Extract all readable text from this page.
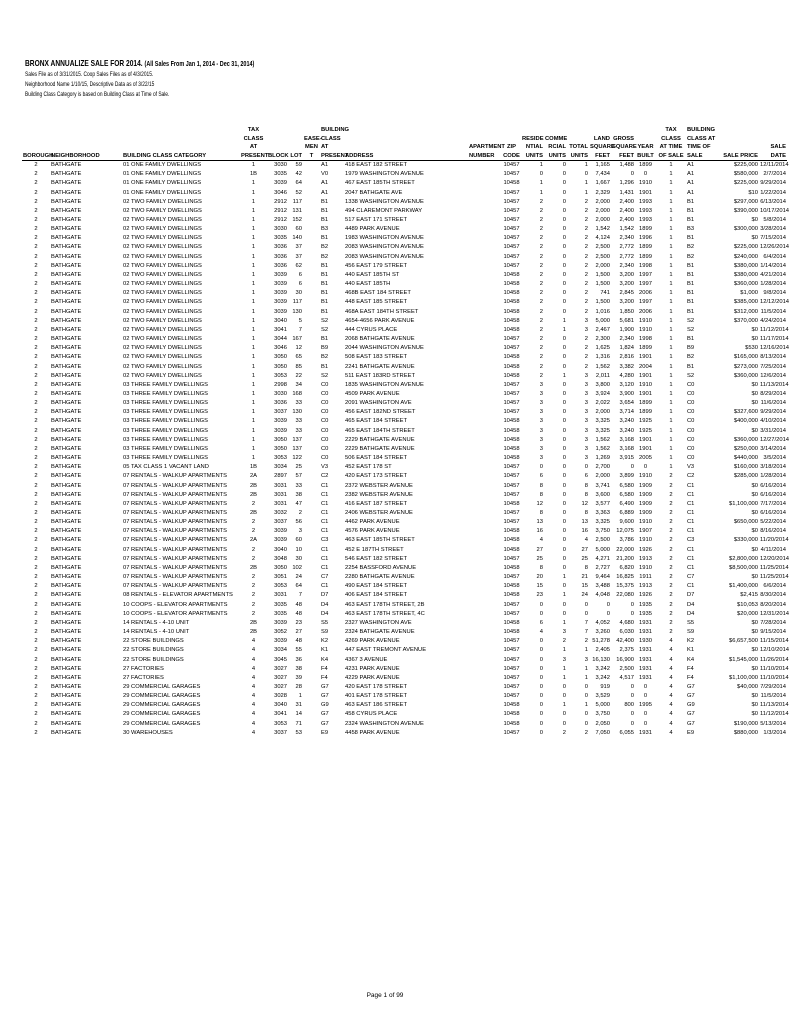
BRONX ANNUALIZE SALE FOR 2014. (All Sales From Jan 1, 2014 - Dec 31, 2014)
Sales File as of 3/31/2015. Coop Sales Files as of 4/3/2015.
Neighborhood Name 1/10/15, Descriptive Data as of 3/22/15
Building Class Category is based on Building Class at Time of Sale.
BOROUGH	NEIGHBORHOOD	BUILDING CLASS CATEGORY	TAX CLASS AT PRESENT	BLOCK	LOT	EASE-MEN T	BUILDING CLASS AT PRESENT	ADDRESS	APARTMENT NUMBER	ZIP CODE	RESIDE NTIAL UNITS	COMME RCIAL UNITS	TOTAL UNITS	LAND SQUARE FEET	GROSS SQUARE FEET	YEAR BUILT	TAX CLASS AT TIME OF SALE	BUILDING CLASS AT TIME OF SALE	SALE PRICE	SALE DATE
2	BATHGATE	01 ONE FAMILY DWELLINGS	1	3030	59		A1	418 EAST 182 STREET		10457	1	0	1	1,165	1,488	1899	1	A1	$225,000	12/11/2014
2	BATHGATE	01 ONE FAMILY DWELLINGS	1B	3035	42		V0	1979 WASHINGTON AVENUE		10457	0	0	0	7,434	0	0	1	A1	$580,000	2/7/2014
2	BATHGATE	01 ONE FAMILY DWELLINGS	1	3039	64		A1	467 EAST 185TH STREET		10458	1	0	1	1,667	1,296	1910	1	A1	$225,000	9/29/2014
2	BATHGATE	01 ONE FAMILY DWELLINGS	1	3046	52		A1	2047 BATHGATE AVE		10457	1	0	1	2,329	1,431	1901	1	A1	$10	1/22/2014
2	BATHGATE	02 TWO FAMILY DWELLINGS	1	2912	117		B1	1338 WASHINGTON AVENUE		10457	2	0	2	2,000	2,400	1993	1	B1	$297,000	6/13/2014
2	BATHGATE	02 TWO FAMILY DWELLINGS	1	2912	131		B1	494 CLAREMONT PARKWAY		10457	2	0	2	2,000	2,400	1993	1	B1	$390,000	10/17/2014
2	BATHGATE	02 TWO FAMILY DWELLINGS	1	2912	152		B1	517 EAST 171 STREET		10457	2	0	2	2,000	2,400	1993	1	B1	$0	5/8/2014
2	BATHGATE	02 TWO FAMILY DWELLINGS	1	3030	60		B3	4489 PARK AVENUE		10457	2	0	2	1,542	1,542	1899	1	B3	$300,000	3/28/2014
2	BATHGATE	02 TWO FAMILY DWELLINGS	1	3035	140		B1	1983 WASHINGTON AVENUE		10457	2	0	2	4,124	2,340	1996	1	B1	$0	7/15/2014
2	BATHGATE	02 TWO FAMILY DWELLINGS	1	3036	37		B2	2083 WASHINGTON AVENUE		10457	2	0	2	2,500	2,772	1899	1	B2	$225,000	12/26/2014
2	BATHGATE	02 TWO FAMILY DWELLINGS	1	3036	37		B2	2083 WASHINGTON AVENUE		10457	2	0	2	2,500	2,772	1899	1	B2	$240,000	6/4/2014
2	BATHGATE	02 TWO FAMILY DWELLINGS	1	3036	62		B1	456 EAST 179 STREET		10457	2	0	2	2,000	2,340	1998	1	B1	$380,000	1/14/2014
2	BATHGATE	02 TWO FAMILY DWELLINGS	1	3039	6		B1	440 EAST 185TH ST		10458	2	0	2	1,500	3,200	1997	1	B1	$380,000	4/21/2014
2	BATHGATE	02 TWO FAMILY DWELLINGS	1	3039	6		B1	440 EAST 185TH		10458	2	0	2	1,500	3,200	1997	1	B1	$360,000	1/28/2014
2	BATHGATE	02 TWO FAMILY DWELLINGS	1	3039	30		B1	468B EAST 184 STREET		10458	2	0	2	741	2,845	2006	1	B1	$1,000	9/8/2014
2	BATHGATE	02 TWO FAMILY DWELLINGS	1	3039	117		B1	448 EAST 185 STREET		10458	2	0	2	1,500	3,200	1997	1	B1	$385,000	12/12/2014
2	BATHGATE	02 TWO FAMILY DWELLINGS	1	3039	130		B1	468A EAST 184TH STREET		10458	2	0	2	1,016	1,850	2006	1	B1	$312,000	11/5/2014
2	BATHGATE	02 TWO FAMILY DWELLINGS	1	3040	5		S2	4654-4656 PARK AVENUE		10458	2	1	3	5,000	5,681	1910	1	S2	$370,000	4/24/2014
2	BATHGATE	02 TWO FAMILY DWELLINGS	1	3041	7		S2	444 CYRUS PLACE		10458	2	1	3	2,467	1,900	1910	1	S2	$0	11/12/2014
2	BATHGATE	02 TWO FAMILY DWELLINGS	1	3044	167		B1	2068 BATHGATE AVENUE		10457	2	0	2	2,300	2,340	1998	1	B1	$0	11/17/2014
2	BATHGATE	02 TWO FAMILY DWELLINGS	1	3046	12		B9	2044 WASHINGTON AVENUE		10457	2	0	2	1,625	1,824	1899	1	B9	$530	12/16/2014
2	BATHGATE	02 TWO FAMILY DWELLINGS	1	3050	65		B2	508 EAST 183 STREET		10458	2	0	2	1,316	2,816	1901	1	B2	$165,000	8/13/2014
2	BATHGATE	02 TWO FAMILY DWELLINGS	1	3050	85		B1	2241 BATHGATE AVENUE		10458	2	0	2	1,562	3,382	2004	1	B1	$273,000	7/25/2014
2	BATHGATE	02 TWO FAMILY DWELLINGS	1	3053	22		S2	511 EAST 183RD STREET		10458	2	1	3	2,011	4,280	1901	1	S2	$360,000	12/6/2014
2	BATHGATE	03 THREE FAMILY DWELLINGS	1	2998	34		C0	1835 WASHINGTON AVENUE		10457	3	0	3	3,800	3,120	1910	1	C0	$0	11/13/2014
2	BATHGATE	03 THREE FAMILY DWELLINGS	1	3030	168		C0	4509 PARK AVENUE		10457	3	0	3	3,924	3,900	1901	1	C0	$0	8/29/2014
2	BATHGATE	03 THREE FAMILY DWELLINGS	1	3036	33		C0	2091 WASHINGTON AVE		10457	3	0	3	2,022	3,654	1899	1	C0	$0	11/6/2014
2	BATHGATE	03 THREE FAMILY DWELLINGS	1	3037	130		C0	456 EAST 182ND STREET		10457	3	0	3	2,000	3,714	1899	1	C0	$327,600	9/29/2014
2	BATHGATE	03 THREE FAMILY DWELLINGS	1	3039	33		C0	465 EAST 184 STREET		10458	3	0	3	3,325	3,240	1925	1	C0	$400,000	4/10/2014
2	BATHGATE	03 THREE FAMILY DWELLINGS	1	3039	33		C0	465 EAST 184TH STREET		10458	3	0	3	3,325	3,240	1925	1	C0	$0	3/31/2014
2	BATHGATE	03 THREE FAMILY DWELLINGS	1	3050	137		C0	2229 BATHGATE AVENUE		10458	3	0	3	1,562	3,168	1901	1	C0	$360,000	12/27/2014
2	BATHGATE	03 THREE FAMILY DWELLINGS	1	3050	137		C0	2229 BATHGATE AVENUE		10458	3	0	3	1,562	3,168	1901	1	C0	$250,000	3/14/2014
2	BATHGATE	03 THREE FAMILY DWELLINGS	1	3053	122		C0	506 EAST 184 STREET		10458	3	0	3	1,269	3,915	2005	1	C0	$440,000	3/5/2014
2	BATHGATE	05 TAX CLASS 1 VACANT LAND	1B	3034	25		V3	452 EAST 178 ST		10457	0	0	0	2,700	0	0	1	V3	$160,000	3/18/2014
2	BATHGATE	07 RENTALS - WALKUP APARTMENTS	2A	2897	57		C2	420 EAST 173 STREET		10457	6	0	6	2,000	3,899	1910	2	C2	$285,000	1/28/2014
2	BATHGATE	07 RENTALS - WALKUP APARTMENTS	2B	3031	33		C1	2372 WEBSTER AVENUE		10457	8	0	8	3,741	6,580	1909	2	C1	$0	6/16/2014
2	BATHGATE	07 RENTALS - WALKUP APARTMENTS	2B	3031	38		C1	2382 WEBSTER AVENUE		10457	8	0	8	3,600	6,580	1909	2	C1	$0	6/16/2014
2	BATHGATE	07 RENTALS - WALKUP APARTMENTS	2	3031	47		C1	416 EAST 187 STREET		10458	12	0	12	3,577	6,490	1909	2	C1	$1,100,000	7/17/2014
2	BATHGATE	07 RENTALS - WALKUP APARTMENTS	2B	3032	2		C1	2406 WEBSTER AVENUE		10457	8	0	8	3,363	6,889	1909	2	C1	$0	6/16/2014
2	BATHGATE	07 RENTALS - WALKUP APARTMENTS	2	3037	56		C1	4462 PARK AVENUE		10457	13	0	13	3,325	9,600	1910	2	C1	$650,000	5/22/2014
2	BATHGATE	07 RENTALS - WALKUP APARTMENTS	2	3039	3		C1	4576 PARK AVENUE		10458	16	0	16	3,750	12,075	1907	2	C1	$0	8/16/2014
2	BATHGATE	07 RENTALS - WALKUP APARTMENTS	2A	3039	60		C3	463 EAST 185TH STREET		10458	4	0	4	2,500	3,786	1910	2	C3	$330,000	11/20/2014
2	BATHGATE	07 RENTALS - WALKUP APARTMENTS	2	3040	10		C1	452 E 187TH STREET		10458	27	0	27	5,000	22,000	1926	2	C1	$0	4/11/2014
2	BATHGATE	07 RENTALS - WALKUP APARTMENTS	2	3048	30		C1	546 EAST 182 STREET		10457	25	0	25	4,271	21,200	1913	2	C1	$2,800,000	12/20/2014
2	BATHGATE	07 RENTALS - WALKUP APARTMENTS	2B	3050	102		C1	2254 BASSFORD AVENUE		10458	8	0	8	2,727	6,820	1910	2	C1	$8,500,000	11/25/2014
2	BATHGATE	07 RENTALS - WALKUP APARTMENTS	2	3051	24		C7	2280 BATHGATE AVENUE		10457	20	1	21	9,464	16,825	1911	2	C7	$0	11/25/2014
2	BATHGATE	07 RENTALS - WALKUP APARTMENTS	2	3053	64		C1	490 EAST 184 STREET		10458	15	0	15	3,488	15,375	1913	2	C1	$1,400,000	6/6/2014
2	BATHGATE	08 RENTALS - ELEVATOR APARTMENTS	2	3031	7		D7	406 EAST 184 STREET		10458	23	1	24	4,048	22,080	1926	2	D7	$2,415	8/30/2014
2	BATHGATE	10 COOPS - ELEVATOR APARTMENTS	2	3035	48		D4	463 EAST 178TH STREET, 2B		10457	0	0	0	0	0	1935	2	D4	$10,053	8/20/2014
2	BATHGATE	10 COOPS - ELEVATOR APARTMENTS	2	3035	48		D4	463 EAST 178TH STREET, 4C		10457	0	0	0	0	0	1935	2	D4	$20,000	12/31/2014
2	BATHGATE	14 RENTALS - 4-10 UNIT	2B	3039	23		S5	2327 WASHINGTON AVE		10458	6	1	7	4,052	4,680	1931	2	S5	$0	7/28/2014
2	BATHGATE	14 RENTALS - 4-10 UNIT	2B	3052	27		S9	2324 BATHGATE AVENUE		10458	4	3	7	3,260	6,030	1931	2	S9	$0	9/15/2014
2	BATHGATE	22 STORE BUILDINGS	4	3039	48		K2	4269 PARK AVENUE		10457	0	2	2	51,278	42,400	1930	4	K2	$6,657,500	11/15/2014
2	BATHGATE	22 STORE BUILDINGS	4	3034	55		K1	447 EAST TREMONT AVENUE		10457	0	1	1	2,405	2,375	1931	4	K1	$0	12/10/2014
2	BATHGATE	22 STORE BUILDINGS	4	3045	36		K4	4367 3 AVENUE		10457	0	3	3	16,130	16,900	1931	4	K4	$1,545,000	11/26/2014
2	BATHGATE	27 FACTORIES	4	3027	38		F4	4231 PARK AVENUE		10457	0	1	1	3,242	2,500	1931	4	F4	$0	11/10/2014
2	BATHGATE	27 FACTORIES	4	3027	39		F4	4229 PARK AVENUE		10457	0	1	1	3,242	4,517	1931	4	F4	$1,100,000	11/10/2014
2	BATHGATE	29 COMMERCIAL GARAGES	4	3027	28		G7	420 EAST 178 STREET		10457	0	0	0	919	0	0	4	G7	$40,000	7/29/2014
2	BATHGATE	29 COMMERCIAL GARAGES	4	3028	1		G7	401 EAST 178 STREET		10457	0	0	0	3,529	0	0	4	G7	$0	11/5/2014
2	BATHGATE	29 COMMERCIAL GARAGES	4	3040	31		G9	463 EAST 186 STREET		10458	0	1	1	5,000	800	1995	4	G9	$0	11/13/2014
2	BATHGATE	29 COMMERCIAL GARAGES	4	3041	14		G7	458 CYRUS PLACE		10458	0	0	0	3,750	0	0	4	G7	$0	11/12/2014
2	BATHGATE	29 COMMERCIAL GARAGES	4	3053	71		G7	2324 WASHINGTON AVENUE		10458	0	0	0	2,050	0	0	4	G7	$190,000	5/13/2014
2	BATHGATE	30 WAREHOUSES	4	3037	53		E9	4458 PARK AVENUE		10457	0	2	2	7,050	6,055	1931	4	E9	$880,000	1/3/2014
Page 1 of 99
